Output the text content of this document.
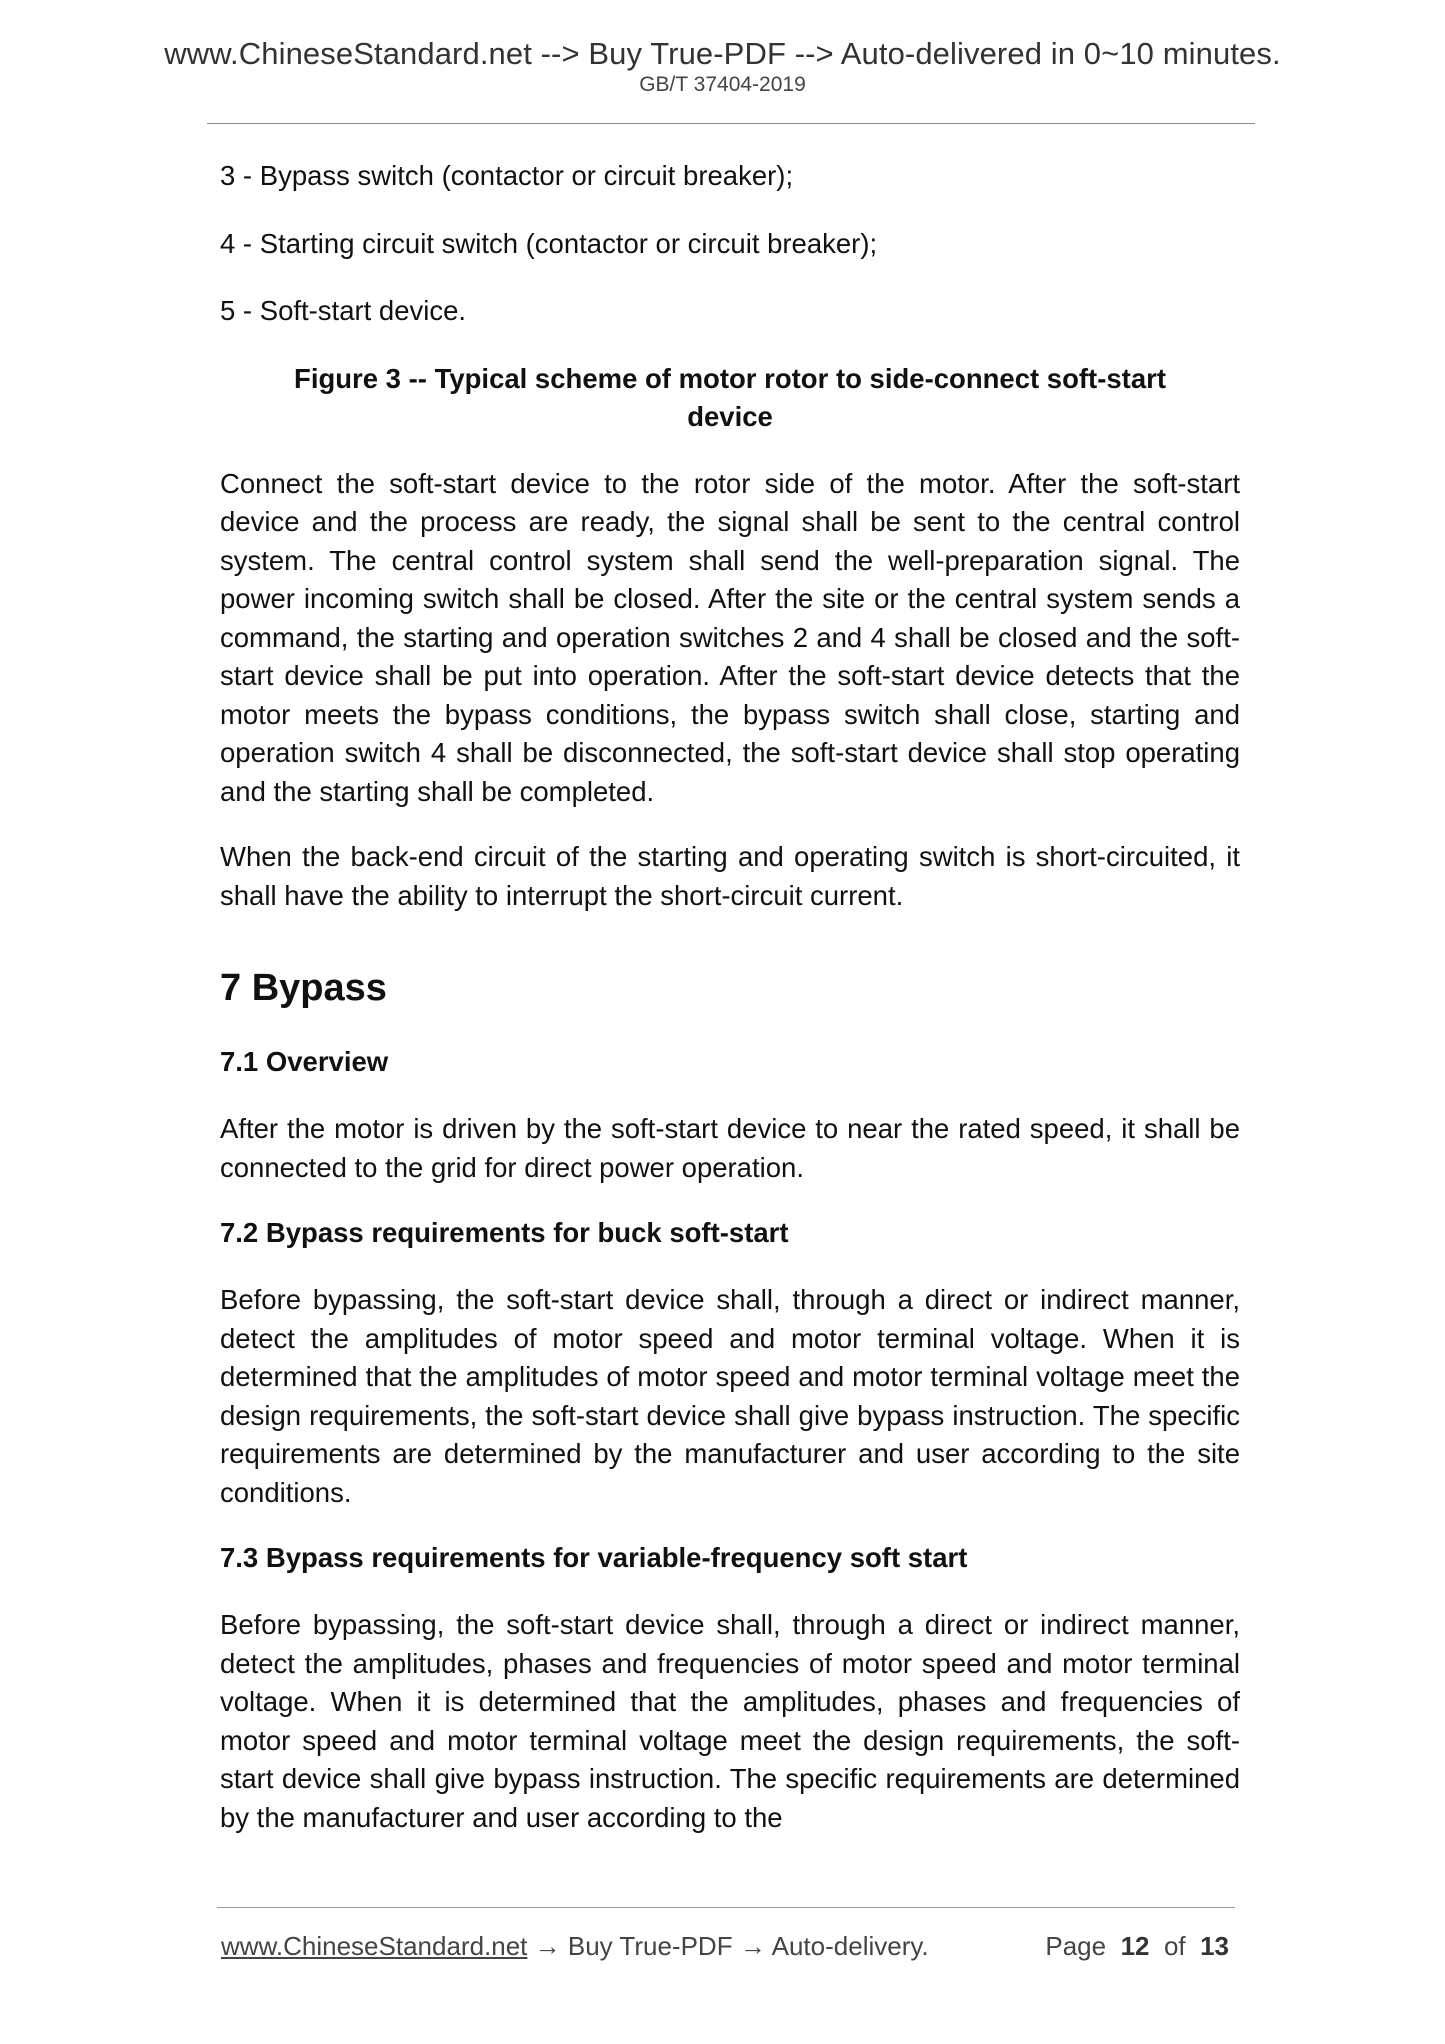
www.ChineseStandard.net --> Buy True-PDF --> Auto-delivered in 0~10 minutes.
GB/T 37404-2019
3 - Bypass switch (contactor or circuit breaker);
4 - Starting circuit switch (contactor or circuit breaker);
5 - Soft-start device.
Figure 3 -- Typical scheme of motor rotor to side-connect soft-start device
Connect the soft-start device to the rotor side of the motor. After the soft-start device and the process are ready, the signal shall be sent to the central control system. The central control system shall send the well-preparation signal. The power incoming switch shall be closed. After the site or the central system sends a command, the starting and operation switches 2 and 4 shall be closed and the soft-start device shall be put into operation. After the soft-start device detects that the motor meets the bypass conditions, the bypass switch shall close, starting and operation switch 4 shall be disconnected, the soft-start device shall stop operating and the starting shall be completed.
When the back-end circuit of the starting and operating switch is short-circuited, it shall have the ability to interrupt the short-circuit current.
7 Bypass
7.1 Overview
After the motor is driven by the soft-start device to near the rated speed, it shall be connected to the grid for direct power operation.
7.2 Bypass requirements for buck soft-start
Before bypassing, the soft-start device shall, through a direct or indirect manner, detect the amplitudes of motor speed and motor terminal voltage. When it is determined that the amplitudes of motor speed and motor terminal voltage meet the design requirements, the soft-start device shall give bypass instruction. The specific requirements are determined by the manufacturer and user according to the site conditions.
7.3 Bypass requirements for variable-frequency soft start
Before bypassing, the soft-start device shall, through a direct or indirect manner, detect the amplitudes, phases and frequencies of motor speed and motor terminal voltage. When it is determined that the amplitudes, phases and frequencies of motor speed and motor terminal voltage meet the design requirements, the soft-start device shall give bypass instruction. The specific requirements are determined by the manufacturer and user according to the
www.ChineseStandard.net → Buy True-PDF → Auto-delivery.	Page 12 of 13
